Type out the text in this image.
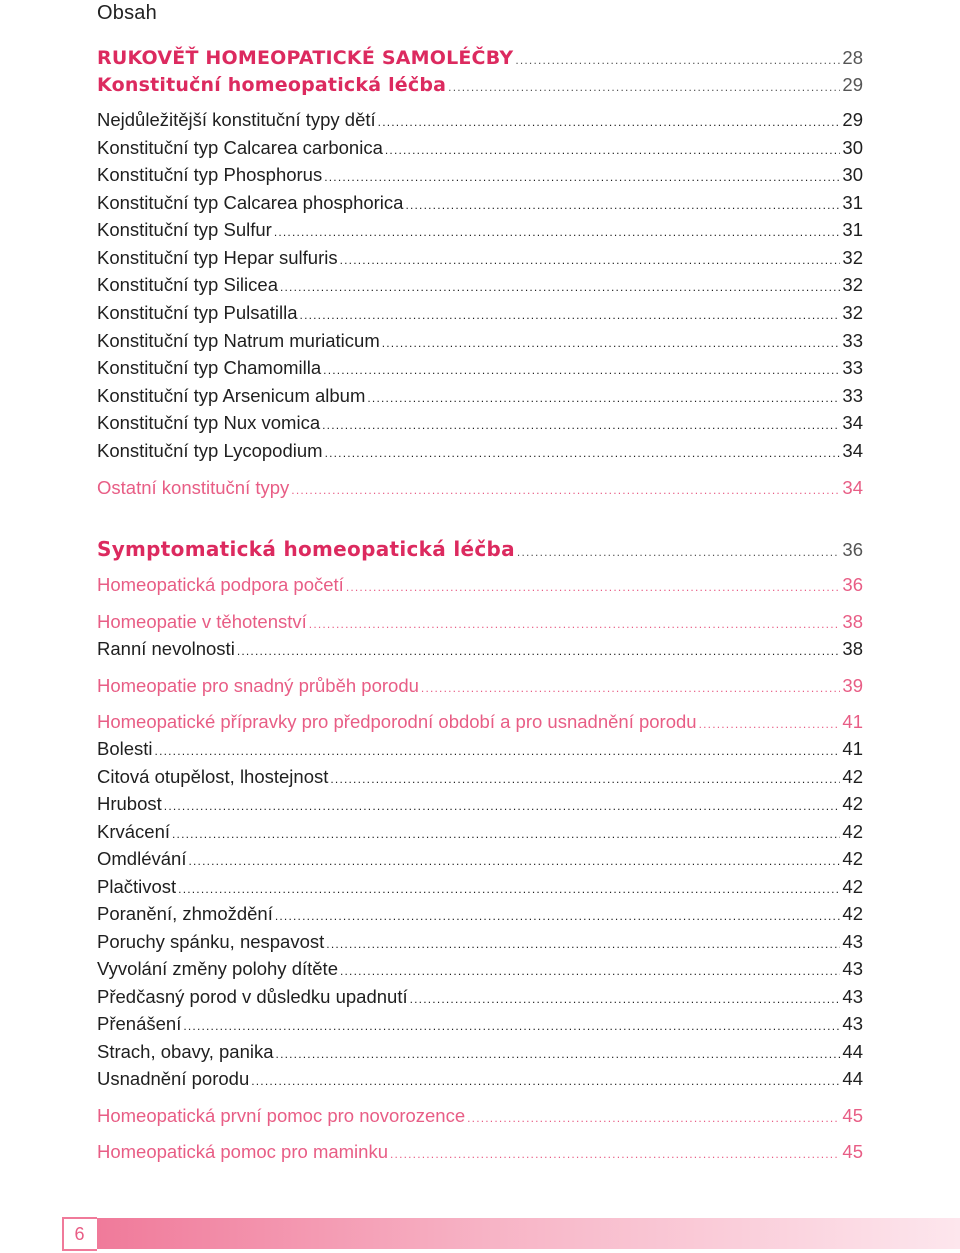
Obsah
RUKOVĚŤ HOMEOPATICKÉ SAMOLÉČBY .....	28
Konstituční homeopatická léčba .....	29
Nejdůležitější konstituční typy dětí .....	29
Konstituční typ Calcarea carbonica .....	30
Konstituční typ Phosphorus .....	30
Konstituční typ Calcarea phosphorica .....	31
Konstituční typ Sulfur .....	31
Konstituční typ Hepar sulfuris .....	32
Konstituční typ Silicea .....	32
Konstituční typ Pulsatilla .....	32
Konstituční typ Natrum muriaticum .....	33
Konstituční typ Chamomilla .....	33
Konstituční typ Arsenicum album .....	33
Konstituční typ Nux vomica .....	34
Konstituční typ Lycopodium .....	34
Ostatní konstituční typy .....	34
Symptomatická homeopatická léčba .....	36
Homeopatická podpora početí .....	36
Homeopatie v těhotenství .....	38
Ranní nevolnosti .....	38
Homeopatie pro snadný průběh porodu .....	39
Homeopatické přípravky pro předporodní období a pro usnadnění porodu .....	41
Bolesti .....	41
Citová otupělost, lhostejnost .....	42
Hrubost .....	42
Krvácení .....	42
Omdlévání .....	42
Plačtivost .....	42
Poranění, zhmoždění .....	42
Poruchy spánku, nespavost .....	43
Vyvolání změny polohy dítěte .....	43
Předčasný porod v důsledku upadnutí .....	43
Přenášení .....	43
Strach, obavy, panika .....	44
Usnadnění porodu .....	44
Homeopatická první pomoc pro novorozence .....	45
Homeopatická pomoc pro maminku .....	45
6
